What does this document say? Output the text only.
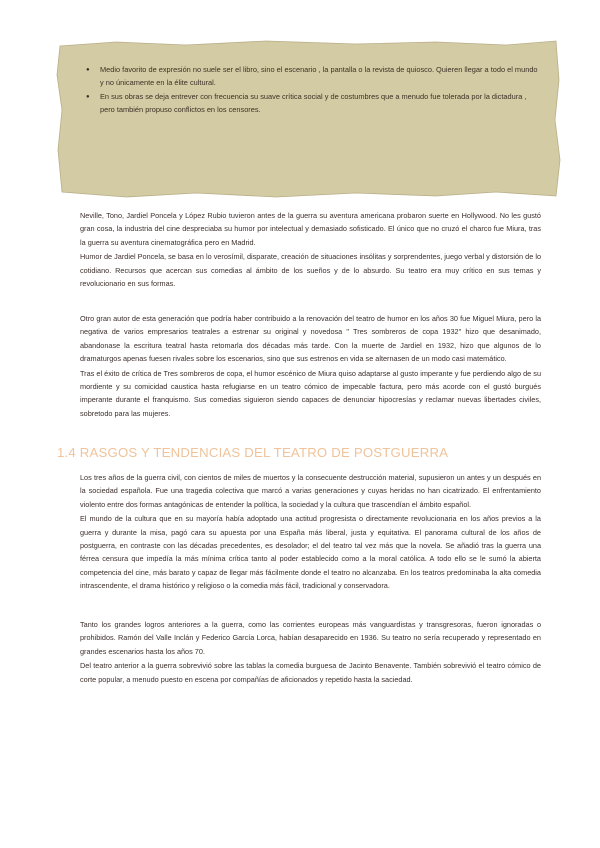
● Medio favorito de expresión no suele ser el libro, sino el escenario , la pantalla o la revista de quiosco. Quieren llegar a todo el mundo y no únicamente en la élite cultural.
● En sus obras se deja entrever con frecuencia su suave crítica social y de costumbres que a menudo fue tolerada por la dictadura , pero también propuso conflictos en los censores.

Neville, Tono, Jardiel Poncela y López Rubio tuvieron antes de la guerra su aventura americana probaron suerte en Hollywood. No les gustó gran cosa, la industria del cine despreciaba su humor por intelectual y demasiado sofisticado. El único que no cruzó el charco fue Miura, tras la guerra su aventura cinematográfica pero en Madrid.

Humor de Jardiel Poncela, se basa en lo verosímil, disparate, creación de situaciones insólitas y sorprendentes, juego verbal y distorsión de lo cotidiano. Recursos que acercan sus comedias al ámbito de los sueños y de lo absurdo. Su teatro era muy crítico en sus temas y revolucionario en sus formas.

Otro gran autor de esta generación que podría haber contribuido a la renovación del teatro de humor en los años 30 fue Miguel Miura, pero la negativa de varios empresarios teatrales a estrenar su original y novedosa " Tres sombreros de copa 1932" hizo que desanimado, abandonase la escritura teatral hasta retomarla dos décadas más tarde. Con la muerte de Jardiel en 1932, hizo que algunos de lo dramaturgos apenas fuesen rivales sobre los escenarios, sino que sus estrenos en vida se alternasen de un modo casi matemático.

Tras el éxito de crítica de Tres sombreros de copa, el humor escénico de Miura quiso adaptarse al gusto imperante y fue perdiendo algo de su mordiente y su comicidad caustica hasta refugiarse en un teatro cómico de impecable factura, pero más acorde con el gustó burgués imperante durante el franquismo. Sus comedias siguieron siendo capaces de denunciar hipocresías y reclamar nuevas libertades civiles, sobretodo para las mujeres.

1.4 RASGOS Y TENDENCIAS DEL TEATRO DE POSTGUERRA

Los tres años de la guerra civil, con cientos de miles de muertos y la consecuente destrucción material, supusieron un antes y un después en la sociedad española. Fue una tragedia colectiva que marcó a varias generaciones y cuyas heridas no han cicatrizado. El enfrentamiento violento entre dos formas antagónicas de entender la política, la sociedad y la cultura que trascendían el ámbito español.

El mundo de la cultura que en su mayoría había adoptado una actitud progresista o directamente revolucionaria en los años previos a la guerra y durante la misa, pagó cara su apuesta por una España más liberal, justa y equitativa. El panorama cultural de los años de postguerra, en contraste con las décadas precedentes, es desolador; el del teatro tal vez más que la novela. Se añadió tras la guerra una férrea censura que impedía la más mínima crítica tanto al poder establecido como a la moral católica. A todo ello se le sumó la abierta competencia del cine, más barato y capaz de llegar más fácilmente donde el teatro no alcanzaba. En los teatros predominaba la alta comedia intrascendente, el drama histórico y religioso o la comedia más fácil, tradicional y conservadora.

Tanto los grandes logros anteriores a la guerra, como las corrientes europeas más vanguardistas y transgresoras, fueron ignoradas o prohibidos. Ramón del Valle Inclán y Federico García Lorca, habían desaparecido en 1936. Su teatro no sería recuperado y representado en grandes escenarios hasta los años 70.

Del teatro anterior a la guerra sobrevivió sobre las tablas la comedia burguesa de Jacinto Benavente. También sobrevivió el teatro cómico de corte popular, a menudo puesto en escena por compañías de aficionados y repetido hasta la saciedad.
